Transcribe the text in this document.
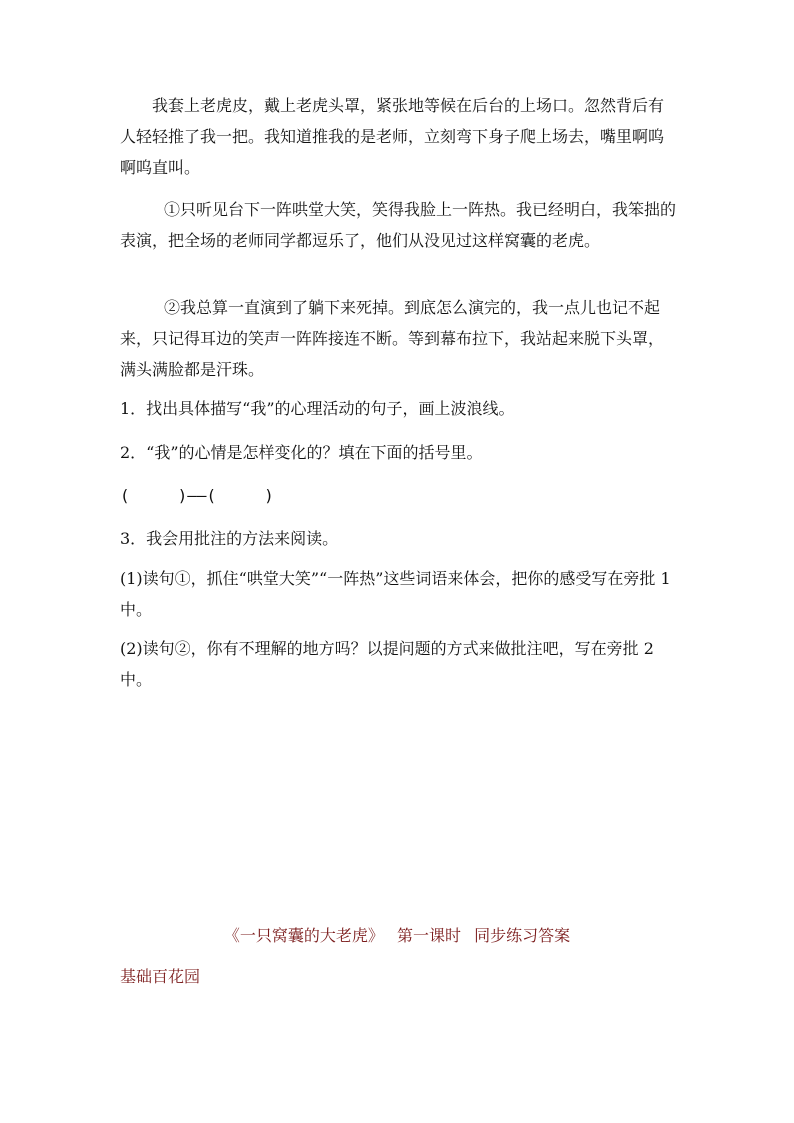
我套上老虎皮，戴上老虎头罩，紧张地等候在后台的上场口。忽然背后有人轻轻推了我一把。我知道推我的是老师，立刻弯下身子爬上场去，嘴里啊呜啊呜直叫。

①只听见台下一阵哄堂大笑，笑得我脸上一阵热。我已经明白，我笨拙的表演，把全场的老师同学都逗乐了，他们从没见过这样窝囊的老虎。

②我总算一直演到了躺下来死掉。到底怎么演完的，我一点儿也记不起来，只记得耳边的笑声一阵阵接连不断。等到幕布拉下，我站起来脱下头罩，满头满脸都是汗珠。

1．找出具体描写“我”的心理活动的句子，画上波浪线。

2．“我”的心情是怎样变化的？填在下面的括号里。

(　　　)——(　　　)

3．我会用批注的方法来阅读。

(1)读句①，抓住“哄堂大笑”“一阵热”这些词语来体会，把你的感受写在旁批 1 中。

(2)读句②，你有不理解的地方吗？以提问题的方式来做批注吧，写在旁批 2 中。

《一只窝囊的大老虎》 第一课时 同步练习答案

基础百花园
